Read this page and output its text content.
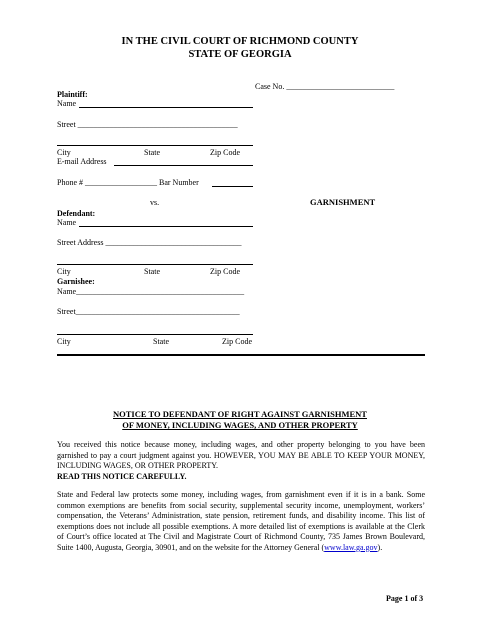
IN THE CIVIL COURT OF RICHMOND COUNTY
STATE OF GEORGIA
Case No. ___________________________
Plaintiff:
Name
Street ________________________________________
City	State	Zip Code
E-mail Address
Phone # __________________ Bar Number
vs.	GARNISHMENT
Defendant:
Name
Street Address __________________________________
City	State	Zip Code
Garnishee:
Name__________________________________________
Street_________________________________________
City	State	Zip Code
NOTICE TO DEFENDANT OF RIGHT AGAINST GARNISHMENT
OF MONEY, INCLUDING WAGES, AND OTHER PROPERTY
You received this notice because money, including wages, and other property belonging to you have been garnished to pay a court judgment against you. HOWEVER, YOU MAY BE ABLE TO KEEP YOUR MONEY, INCLUDING WAGES, OR OTHER PROPERTY.
READ THIS NOTICE CAREFULLY.
State and Federal law protects some money, including wages, from garnishment even if it is in a bank. Some common exemptions are benefits from social security, supplemental security income, unemployment, workers’ compensation, the Veterans’ Administration, state pension, retirement funds, and disability income. This list of exemptions does not include all possible exemptions. A more detailed list of exemptions is available at the Clerk of Court’s office located at The Civil and Magistrate Court of Richmond County, 735 James Brown Boulevard, Suite 1400, Augusta, Georgia, 30901, and on the website for the Attorney General (www.law.ga.gov).
Page 1 of 3
